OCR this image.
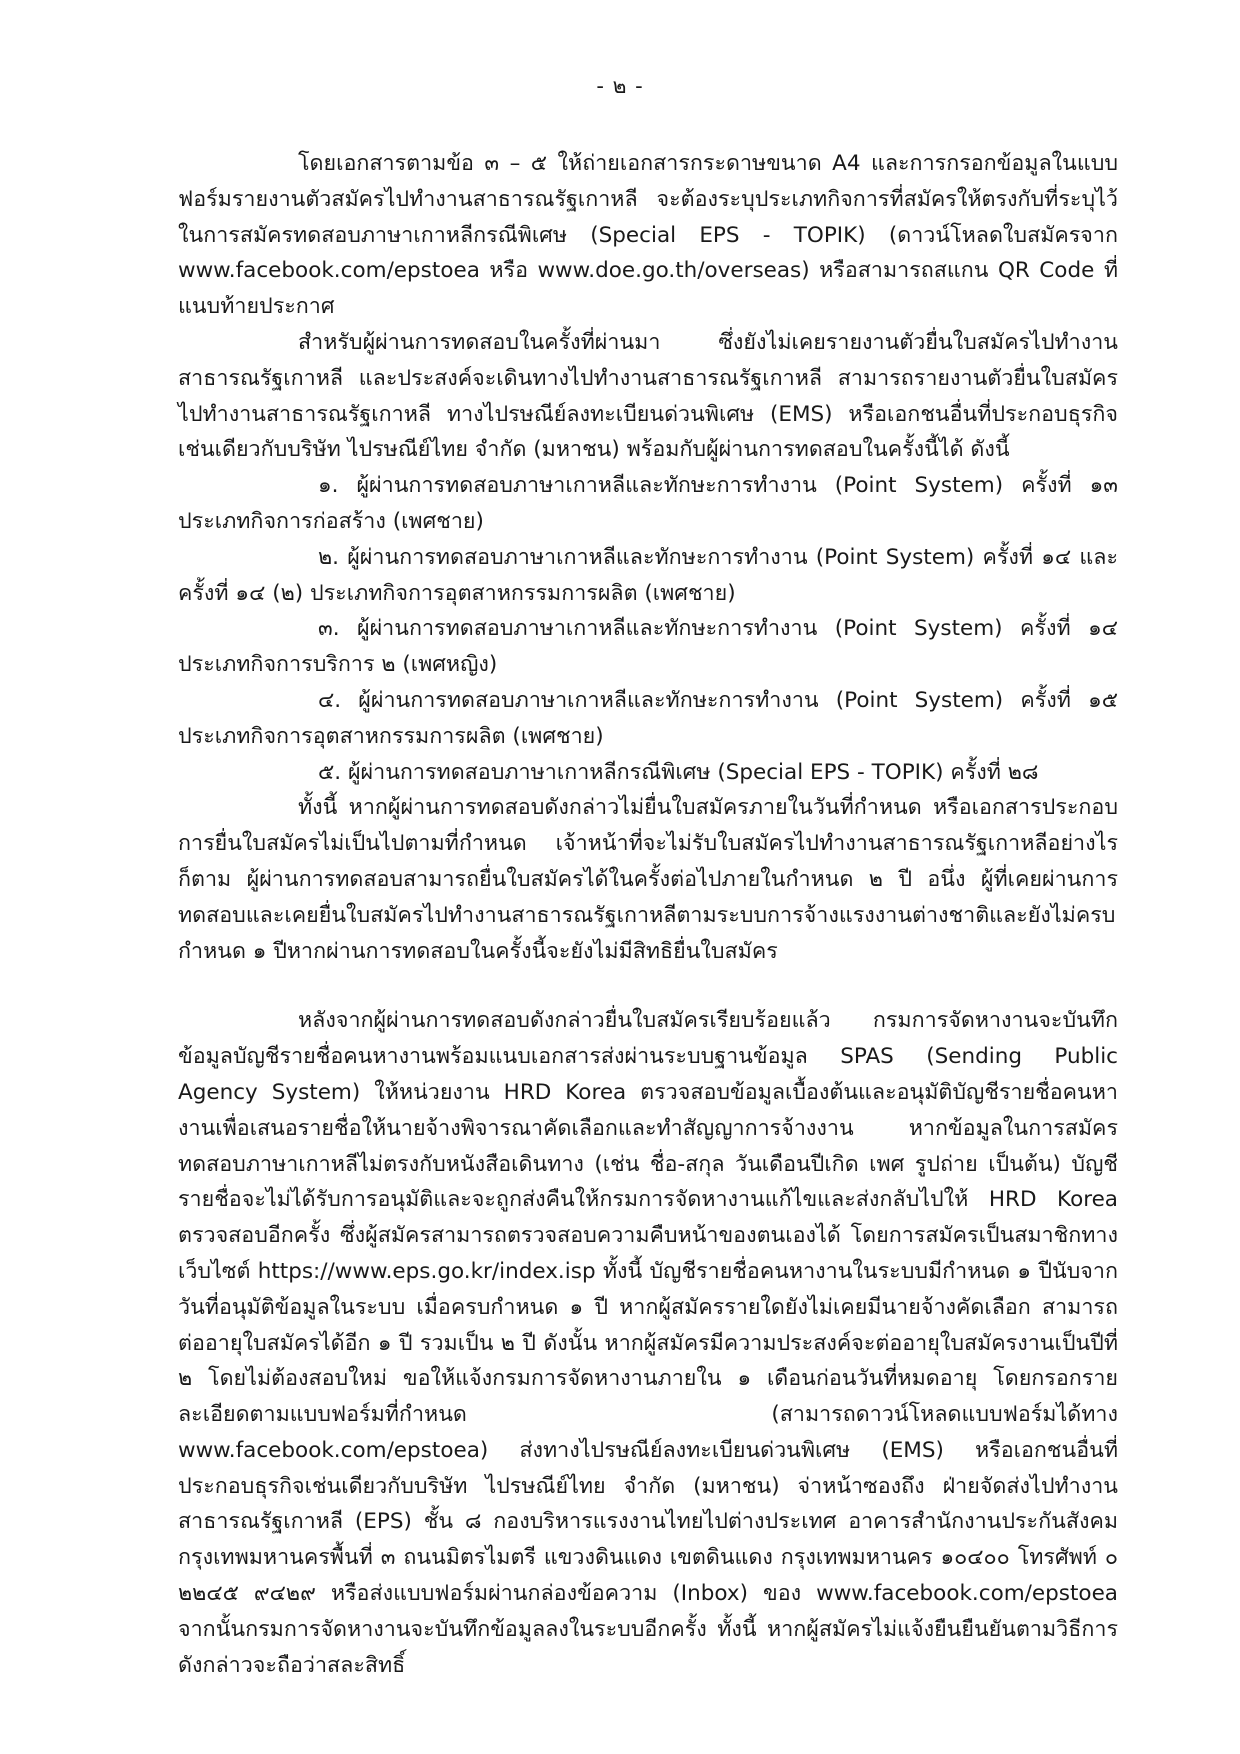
- ๒ -

โดยเอกสารตามข้อ ๓ – ๕ ให้ถ่ายเอกสารกระดาษขนาด A4 และการกรอกข้อมูลในแบบฟอร์มรายงานตัวสมัครไปทำงานสาธารณรัฐเกาหลี จะต้องระบุประเภทกิจการที่สมัครให้ตรงกับที่ระบุไว้ในการสมัครทดสอบภาษาเกาหลีกรณีพิเศษ (Special EPS - TOPIK) (ดาวน์โหลดใบสมัครจาก www.facebook.com/epstoea หรือ www.doe.go.th/overseas) หรือสามารถสแกน QR Code ที่แนบท้ายประกาศ

สำหรับผู้ผ่านการทดสอบในครั้งที่ผ่านมา ซึ่งยังไม่เคยรายงานตัวยื่นใบสมัครไปทำงานสาธารณรัฐเกาหลี และประสงค์จะเดินทางไปทำงานสาธารณรัฐเกาหลี สามารถรายงานตัวยื่นใบสมัครไปทำงานสาธารณรัฐเกาหลี ทางไปรษณีย์ลงทะเบียนด่วนพิเศษ (EMS) หรือเอกชนอื่นที่ประกอบธุรกิจเช่นเดียวกับบริษัท ไปรษณีย์ไทย จำกัด (มหาชน) พร้อมกับผู้ผ่านการทดสอบในครั้งนี้ได้ ดังนี้

๑. ผู้ผ่านการทดสอบภาษาเกาหลีและทักษะการทำงาน (Point System) ครั้งที่ ๑๓ ประเภทกิจการก่อสร้าง (เพศชาย)

๒. ผู้ผ่านการทดสอบภาษาเกาหลีและทักษะการทำงาน (Point System) ครั้งที่ ๑๔ และครั้งที่ ๑๔ (๒) ประเภทกิจการอุตสาหกรรมการผลิต (เพศชาย)

๓. ผู้ผ่านการทดสอบภาษาเกาหลีและทักษะการทำงาน (Point System) ครั้งที่ ๑๔ ประเภทกิจการบริการ ๒ (เพศหญิง)

๔. ผู้ผ่านการทดสอบภาษาเกาหลีและทักษะการทำงาน (Point System) ครั้งที่ ๑๕ ประเภทกิจการอุตสาหกรรมการผลิต (เพศชาย)

๕. ผู้ผ่านการทดสอบภาษาเกาหลีกรณีพิเศษ (Special EPS - TOPIK) ครั้งที่ ๒๘

ทั้งนี้ หากผู้ผ่านการทดสอบดังกล่าวไม่ยื่นใบสมัครภายในวันที่กำหนด หรือเอกสารประกอบการยื่นใบสมัครไม่เป็นไปตามที่กำหนด เจ้าหน้าที่จะไม่รับใบสมัครไปทำงานสาธารณรัฐเกาหลีอย่างไรก็ตาม ผู้ผ่านการทดสอบสามารถยื่นใบสมัครได้ในครั้งต่อไปภายในกำหนด ๒ ปี อนึ่ง ผู้ที่เคยผ่านการทดสอบและเคยยื่นใบสมัครไปทำงานสาธารณรัฐเกาหลีตามระบบการจ้างแรงงานต่างชาติและยังไม่ครบกำหนด ๑ ปีหากผ่านการทดสอบในครั้งนี้จะยังไม่มีสิทธิยื่นใบสมัคร

หลังจากผู้ผ่านการทดสอบดังกล่าวยื่นใบสมัครเรียบร้อยแล้ว กรมการจัดหางานจะบันทึกข้อมูลบัญชีรายชื่อคนหางานพร้อมแนบเอกสารส่งผ่านระบบฐานข้อมูล SPAS (Sending Public Agency System) ให้หน่วยงาน HRD Korea ตรวจสอบข้อมูลเบื้องต้นและอนุมัติบัญชีรายชื่อคนหางานเพื่อเสนอรายชื่อให้นายจ้างพิจารณาคัดเลือกและทำสัญญาการจ้างงาน หากข้อมูลในการสมัครทดสอบภาษาเกาหลีไม่ตรงกับหนังสือเดินทาง (เช่น ชื่อ-สกุล วันเดือนปีเกิด เพศ รูปถ่าย เป็นต้น) บัญชีรายชื่อจะไม่ได้รับการอนุมัติและจะถูกส่งคืนให้กรมการจัดหางานแก้ไขและส่งกลับไปให้ HRD Korea ตรวจสอบอีกครั้ง ซึ่งผู้สมัครสามารถตรวจสอบความคืบหน้าของตนเองได้ โดยการสมัครเป็นสมาชิกทางเว็บไซต์ https://www.eps.go.kr/index.isp ทั้งนี้ บัญชีรายชื่อคนหางานในระบบมีกำหนด ๑ ปีนับจากวันที่อนุมัติข้อมูลในระบบ เมื่อครบกำหนด ๑ ปี หากผู้สมัครรายใดยังไม่เคยมีนายจ้างคัดเลือก สามารถต่ออายุใบสมัครได้อีก ๑ ปี รวมเป็น ๒ ปี ดังนั้น หากผู้สมัครมีความประสงค์จะต่ออายุใบสมัครงานเป็นปีที่ ๒ โดยไม่ต้องสอบใหม่ ขอให้แจ้งกรมการจัดหางานภายใน ๑ เดือนก่อนวันที่หมดอายุ โดยกรอกรายละเอียดตามแบบฟอร์มที่กำหนด (สามารถดาวน์โหลดแบบฟอร์มได้ทาง www.facebook.com/epstoea) ส่งทางไปรษณีย์ลงทะเบียนด่วนพิเศษ (EMS) หรือเอกชนอื่นที่ประกอบธุรกิจเช่นเดียวกับบริษัท ไปรษณีย์ไทย จำกัด (มหาชน) จ่าหน้าซองถึง ฝ่ายจัดส่งไปทำงานสาธารณรัฐเกาหลี (EPS) ชั้น ๘ กองบริหารแรงงานไทยไปต่างประเทศ อาคารสำนักงานประกันสังคมกรุงเทพมหานครพื้นที่ ๓ ถนนมิตรไมตรี แขวงดินแดง เขตดินแดง กรุงเทพมหานคร ๑๐๔๐๐ โทรศัพท์ ๐ ๒๒๔๕ ๙๔๒๙ หรือส่งแบบฟอร์มผ่านกล่องข้อความ (Inbox) ของ www.facebook.com/epstoea จากนั้นกรมการจัดหางานจะบันทึกข้อมูลลงในระบบอีกครั้ง ทั้งนี้ หากผู้สมัครไม่แจ้งยืนยืนยันตามวิธีการดังกล่าวจะถือว่าสละสิทธิ์
